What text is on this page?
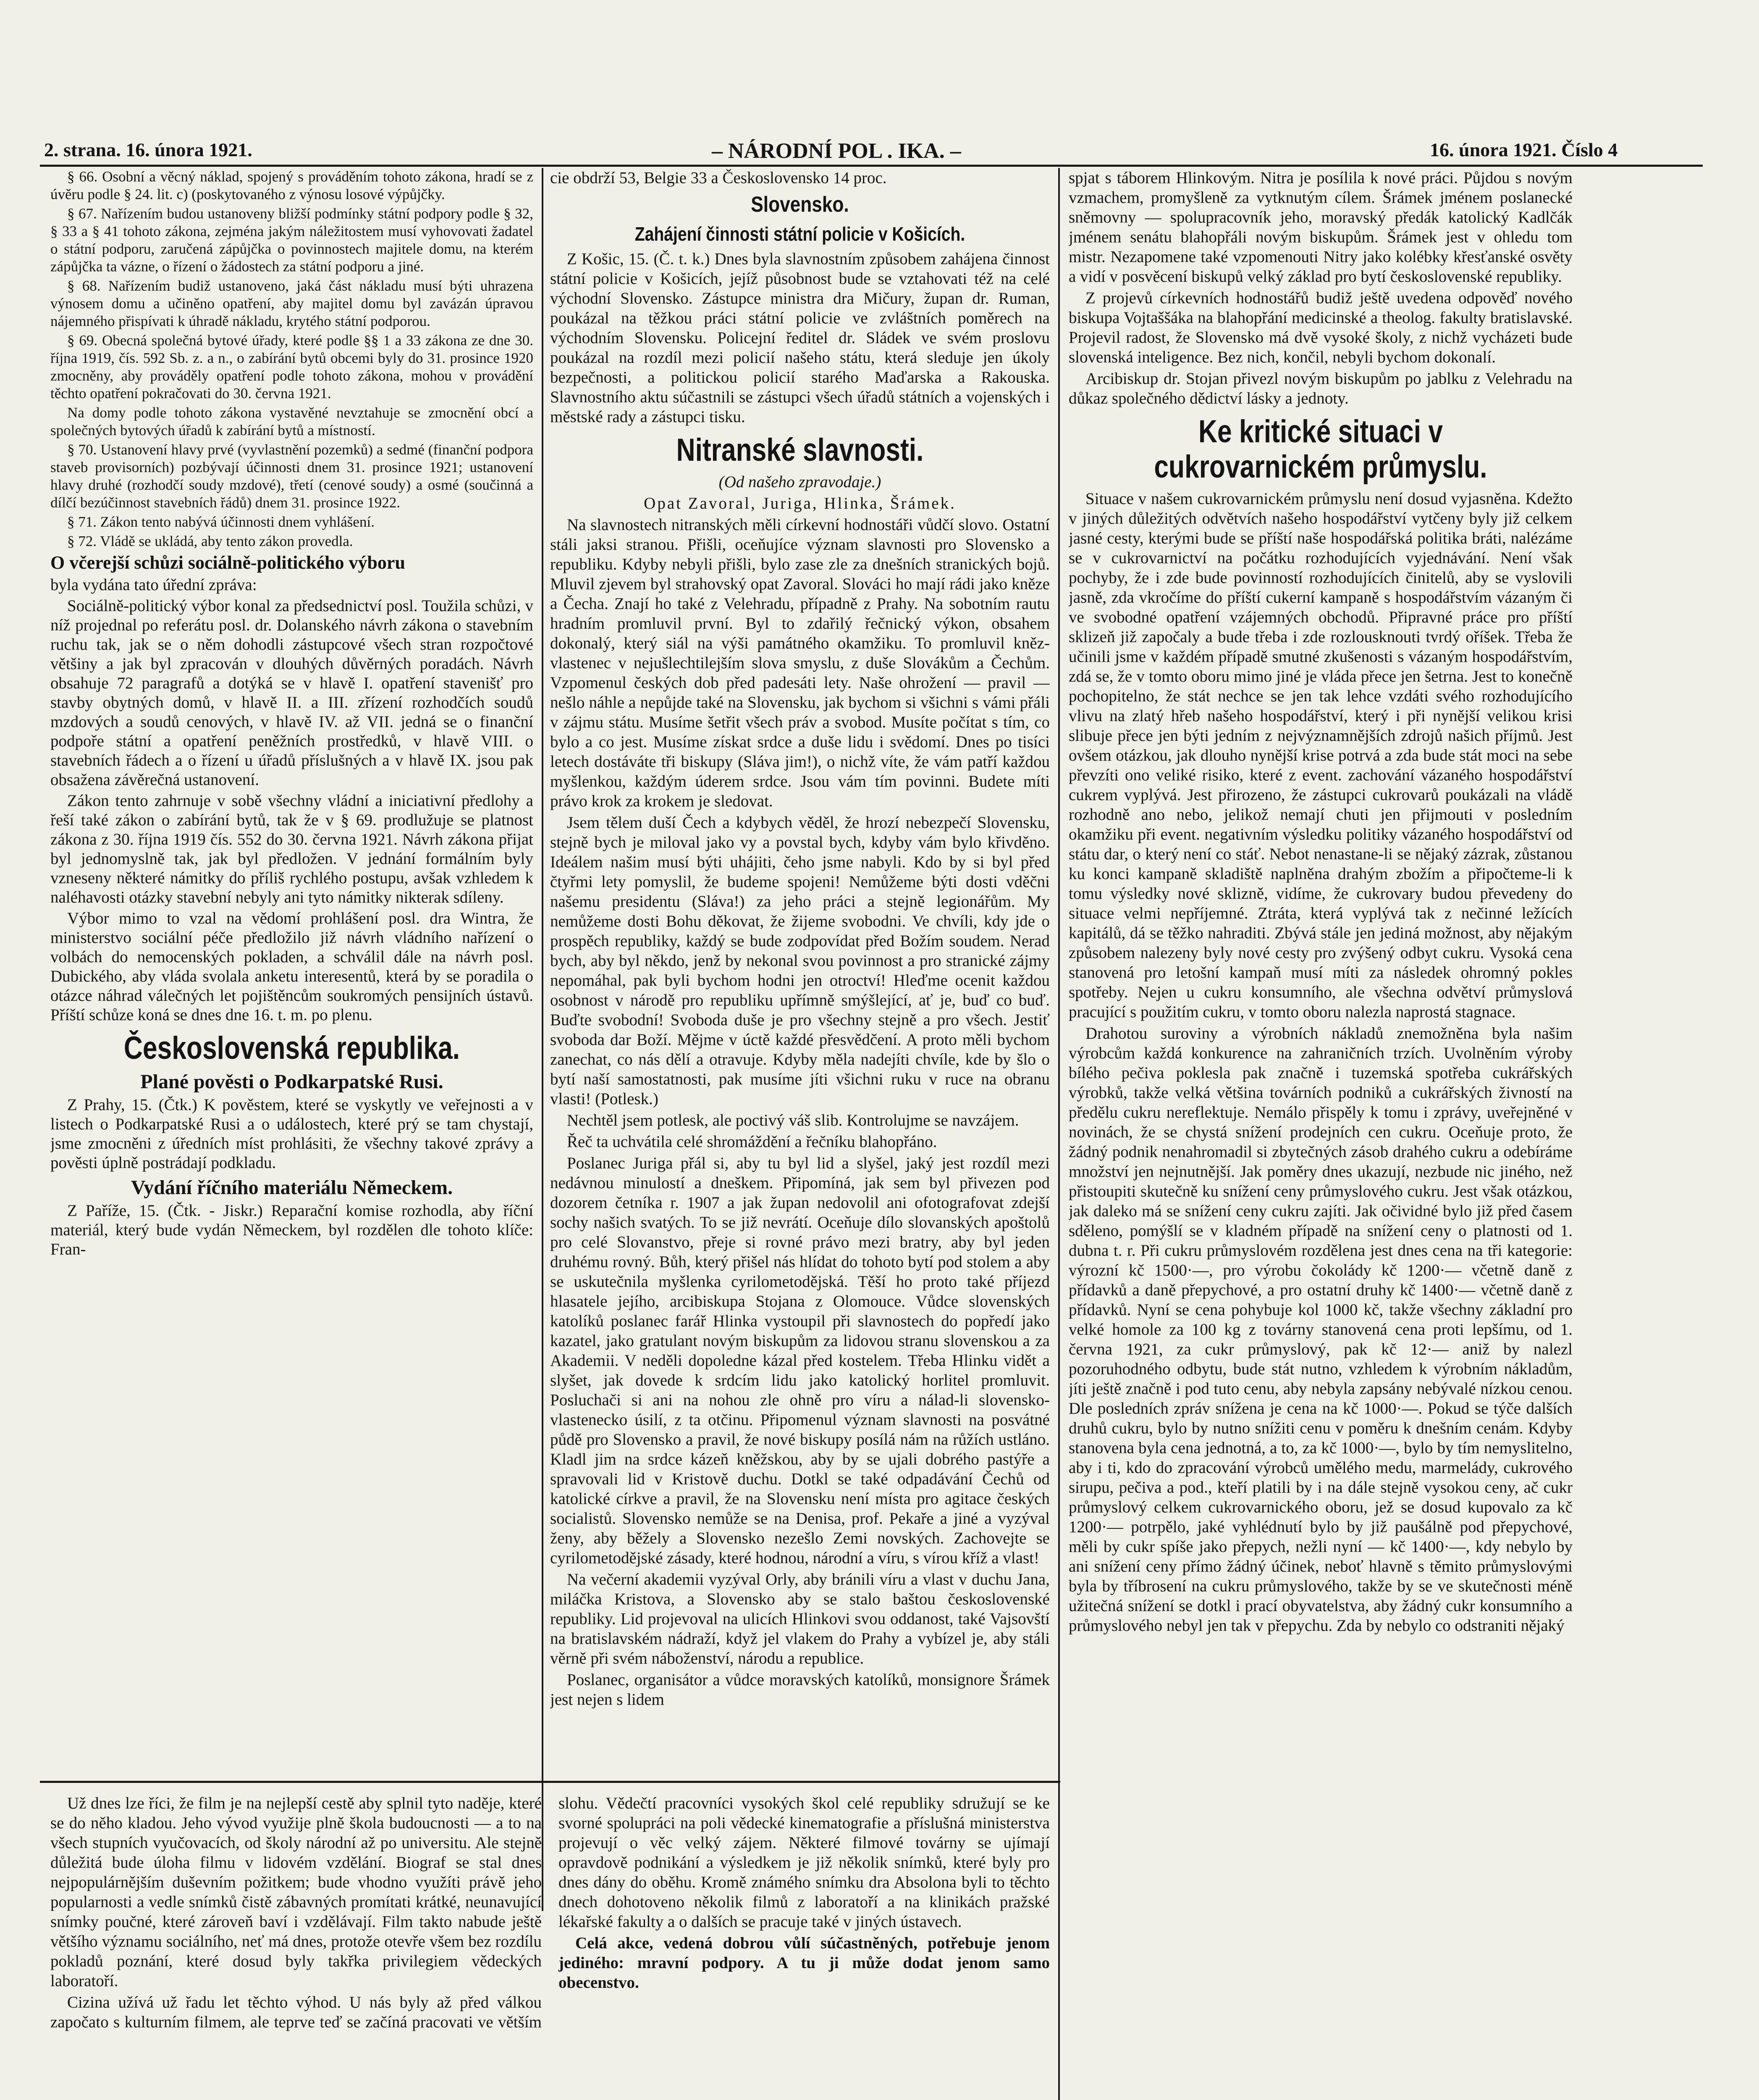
2. strana. 16. února 1921.	– NÁRODNÍ POL . IKA. –	16. února 1921. Číslo 4

§ 66. Osobní a věcný náklad, spojený s prováděním tohoto zákona, hradí se z úvěru podle § 24. lit. c) (poskytovaného z výnosu losové výpůjčky.

§ 67. Nařízením budou ustanoveny bližší podmínky státní podpory podle § 32, § 33 a § 41 tohoto zákona, zejména jakým náležitostem musí vyhovovati žadatel o státní podporu, zaručená zápůjčka o povinnostech majitele domu, na kterém zápůjčka ta vázne, o řízení o žádostech za státní podporu a jiné.

§ 68. Nařízením budiž ustanoveno, jaká část nákladu musí býti uhrazena výnosem domu a učiněno opatření, aby majitel domu byl zavázán úpravou nájemného přispívati k úhradě nákladu, krytého státní podporou.

§ 69. Obecná společná bytové úřady, které podle §§ 1 a 33 zákona ze dne 30. října 1919, čís. 592 Sb. z. a n., o zabírání bytů obcemi byly do 31. prosince 1920 zmocněny, aby prováděly opatření podle tohoto zákona, mohou v provádění těchto opatření pokračovati do 30. června 1921.

Na domy podle tohoto zákona vystavěné nevztahuje se zmocnění obcí a společných bytových úřadů k zabírání bytů a místností.

§ 70. Ustanovení hlavy prvé (vyvlastnění pozemků) a sedmé (finanční podpora staveb provisorních) pozbývají účinnosti dnem 31. prosince 1921; ustanovení hlavy druhé (rozhodčí soudy mzdové), třetí (cenové soudy) a osmé (součinná a dílčí bezúčinnost stavebních řádů) dnem 31. prosince 1922.

§ 71. Zákon tento nabývá účinnosti dnem vyhlášení.

§ 72. Vládě se ukládá, aby tento zákon provedla.

O včerejší schůzi sociálně-politického výboru

byla vydána tato úřední zpráva:

Sociálně-politický výbor konal za předsednictví posl. Toužila schůzi, v níž projednal po referátu posl. dr. Dolanského návrh zákona o stavebním ruchu tak, jak se o něm dohodli zástupcové všech stran rozpočtové většiny a jak byl zpracován v dlouhých důvěrných poradách. Návrh obsahuje 72 paragrafů a dotýká se v hlavě I. opatření stavenišť pro stavby obytných domů, v hlavě II. a III. zřízení rozhodčích soudů mzdových a soudů cenových, v hlavě IV. až VII. jedná se o finanční podpoře státní a opatření peněžních prostředků, v hlavě VIII. o stavebních řádech a o řízení u úřadů příslušných a v hlavě IX. jsou pak obsažena závěrečná ustanovení.

Zákon tento zahrnuje v sobě všechny vládní a iniciativní předlohy a řeší také zákon o zabírání bytů, tak že v § 69. prodlužuje se platnost zákona z 30. října 1919 čís. 552 do 30. června 1921. Návrh zákona přijat byl jednomyslně tak, jak byl předložen. V jednání formálním byly vzneseny některé námitky do příliš rychlého postupu, avšak vzhledem k naléhavosti otázky stavební nebyly ani tyto námitky nikterak sdíleny.

Výbor mimo to vzal na vědomí prohlášení posl. dra Wintra, že ministerstvo sociální péče předložilo již návrh vládního nařízení o volbách do nemocenských pokladen, a schválil dále na návrh posl. Dubického, aby vláda svolala anketu interesentů, která by se poradila o otázce náhrad válečných let pojištěncům soukromých pensijních ústavů. Příští schůze koná se dnes dne 16. t. m. po plenu.

Československá republika.
Plané pověsti o Podkarpatské Rusi.

Z Prahy, 15. (Čtk.) K pověstem, které se vyskytly ve veřejnosti a v listech o Podkarpatské Rusi a o událostech, které prý se tam chystají, jsme zmocněni z úředních míst prohlásiti, že všechny takové zprávy a pověsti úplně postrádají podkladu.

Vydání říčního materiálu Německem.

Z Paříže, 15. (Čtk. - Jiskr.) Reparační komise rozhodla, aby říční materiál, který bude vydán Německem, byl rozdělen dle tohoto klíče: Fran-

cie obdrží 53, Belgie 33 a Československo 14 proc.

Slovensko.
Zahájení činnosti státní policie v Košicích.

Z Košic, 15. (Č. t. k.) Dnes byla slavnostním způsobem zahájena činnost státní policie v Košicích, jejíž působnost bude se vztahovati též na celé východní Slovensko. Zástupce ministra dra Mičury, župan dr. Ruman, poukázal na těžkou práci státní policie ve zvláštních poměrech na východním Slovensku. Policejní ředitel dr. Sládek ve svém proslovu poukázal na rozdíl mezi policií našeho státu, která sleduje jen úkoly bezpečnosti, a politickou policií starého Maďarska a Rakouska. Slavnostního aktu súčastnili se zástupci všech úřadů státních a vojenských i městské rady a zástupci tisku.

Nitranské slavnosti.

(Od našeho zpravodaje.)

Opat Zavoral, Juriga, Hlinka, Šrámek.

Na slavnostech nitranských měli církevní hodnostáři vůdčí slovo. Ostatní stáli jaksi stranou. Přišli, oceňujíce význam slavnosti pro Slovensko a republiku. Kdyby nebyli přišli, bylo zase zle za dnešních stranických bojů. Mluvil zjevem byl strahovský opat Zavoral. Slováci ho mají rádi jako kněze a Čecha. Znají ho také z Velehradu, případně z Prahy. Na sobotním rautu hradním promluvil první. Byl to zdařilý řečnický výkon, obsahem dokonalý, který siál na výši památného okamžiku. To promluvil kněz-vlastenec v nejušlechtilejším slova smyslu, z duše Slovákům a Čechům. Vzpomenul českých dob před padesáti lety. Naše ohrožení — pravil — nešlo náhle a nepůjde také na Slovensku, jak bychom si všichni s vámi přáli v zájmu státu. Musíme šetřit všech práv a svobod. Musíte počítat s tím, co bylo a co jest. Musíme získat srdce a duše lidu i svědomí. Dnes po tisíci letech dostáváte tři biskupy (Sláva jim!), o nichž víte, že vám patří každou myšlenkou, každým úderem srdce. Jsou vám tím povinni. Budete míti právo krok za krokem je sledovat.

Jsem tělem duší Čech a kdybych věděl, že hrozí nebezpečí Slovensku, stejně bych je miloval jako vy a povstal bych, kdyby vám bylo křivděno. Ideálem našim musí býti uhájiti, čeho jsme nabyli. Kdo by si byl před čtyřmi lety pomyslil, že budeme spojeni! Nemůžeme býti dosti vděčni našemu presidentu (Sláva!) za jeho práci a stejně legionářům. My nemůžeme dosti Bohu děkovat, že žijeme svobodni. Ve chvíli, kdy jde o prospěch republiky, každý se bude zodpovídat před Božím soudem. Nerad bych, aby byl někdo, jenž by nekonal svou povinnost a pro stranické zájmy nepomáhal, pak byli bychom hodni jen otroctví! Hleďme ocenit každou osobnost v národě pro republiku upřímně smýšlející, ať je, buď co buď. Buďte svobodní! Svoboda duše je pro všechny stejně a pro všech. Jestiť svoboda dar Boží. Mějme v úctě každé přesvědčení. A proto měli bychom zanechat, co nás dělí a otravuje. Kdyby měla nadejíti chvíle, kde by šlo o bytí naší samostatnosti, pak musíme jíti všichni ruku v ruce na obranu vlasti! (Potlesk.)

Nechtěl jsem potlesk, ale poctivý váš slib. Kontrolujme se navzájem.

Řeč ta uchvátila celé shromáždění a řečníku blahopřáno.

Poslanec Juriga přál si, aby tu byl lid a slyšel, jaký jest rozdíl mezi nedávnou minulostí a dneškem. Připomíná, jak sem byl přivezen pod dozorem četníka r. 1907 a jak župan nedovolil ani ofotografovat zdejší sochy našich svatých. To se již nevrátí. Oceňuje dílo slovanských apoštolů pro celé Slovanstvo, přeje si rovné právo mezi bratry, aby byl jeden druhému rovný. Bůh, který přišel nás hlídat do tohoto bytí pod stolem a aby se uskutečnila myšlenka cyrilometodějská. Těší ho proto také příjezd hlasatele jejího, arcibiskupa Stojana z Olomouce. Vůdce slovenských katolíků poslanec farář Hlinka vystoupil při slavnostech do popředí jako kazatel, jako gratulant novým biskupům za lidovou stranu slovenskou a za Akademii. V neděli dopoledne kázal před kostelem. Třeba Hlinku vidět a slyšet, jak dovede k srdcím lidu jako katolický horlitel promluvit. Posluchači si ani na nohou zle ohně pro víru a nálad-li slovensko-vlastenecko úsilí, z ta otčinu. Připomenul význam slavnosti na posvátné půdě pro Slovensko a pravil, že nové biskupy posílá nám na růžích ustláno. Kladl jim na srdce kázeň kněžskou, aby by se ujali dobrého pastýře a spravovali lid v Kristově duchu. Dotkl se také odpadávání Čechů od katolické církve a pravil, že na Slovensku není místa pro agitace českých socialistů. Slovensko nemůže se na Denisa, prof. Pekaře a jiné a vyzýval ženy, aby běžely a Slovensko nezešlo Zemi novských. Zachovejte se cyrilometodějské zásady, které hodnou, národní a víru, s vírou kříž a vlast!

Na večerní akademii vyzýval Orly, aby bránili víru a vlast v duchu Jana, miláčka Kristova, a Slovensko aby se stalo baštou československé republiky. Lid projevoval na ulicích Hlinkovi svou oddanost, také Vajsovští na bratislavském nádraží, když jel vlakem do Prahy a vybízel je, aby stáli věrně při svém náboženství, národu a republice.

Poslanec, organisátor a vůdce moravských katolíků, monsignore Šrámek jest nejen s lidem

spjat s táborem Hlinkovým. Nitra je posílila k nové práci. Půjdou s novým vzmachem, promyšleně za vytknutým cílem. Šrámek jménem poslanecké sněmovny — spolupracovník jeho, moravský předák katolický Kadlčák jménem senátu blahopřáli novým biskupům. Šrámek jest v ohledu tom mistr. Nezapomene také vzpomenouti Nitry jako kolébky křesťanské osvěty a vidí v posvěcení biskupů velký základ pro bytí československé republiky.

Z projevů církevních hodnostářů budiž ještě uvedena odpověď nového biskupa Vojtaššáka na blahopřání medicinské a theolog. fakulty bratislavské. Projevil radost, že Slovensko má dvě vysoké školy, z nichž vycházeti bude slovenská inteligence. Bez nich, končil, nebyli bychom dokonalí.

Arcibiskup dr. Stojan přivezl novým biskupům po jablku z Velehradu na důkaz společného dědictví lásky a jednoty.

Ke kritické situaci v cukrovarnickém průmyslu.

Situace v našem cukrovarnickém průmyslu není dosud vyjasněna. Kdežto v jiných důležitých odvětvích našeho hospodářství vytčeny byly již celkem jasné cesty, kterými bude se příští naše hospodářská politika bráti, nalézáme se v cukrovarnictví na počátku rozhodujících vyjednávání. Není však pochyby, že i zde bude povinností rozhodujících činitelů, aby se vyslovili jasně, zda vkročíme do příští cukerní kampaně s hospodářstvím vázaným či ve svobodné opatření vzájemných obchodů. Připravné práce pro příští sklizeň již započaly a bude třeba i zde rozlousknouti tvrdý oříšek. Třeba že učinili jsme v každém případě smutné zkušenosti s vázaným hospodářstvím, zdá se, že v tomto oboru mimo jiné je vláda přece jen šetrna. Jest to konečně pochopitelno, že stát nechce se jen tak lehce vzdáti svého rozhodujícího vlivu na zlatý hřeb našeho hospodářství, který i při nynější velikou krisi slibuje přece jen býti jedním z nejvýznamnějších zdrojů našich příjmů. Jest ovšem otázkou, jak dlouho nynější krise potrvá a zda bude stát moci na sebe převzíti ono veliké risiko, které z event. zachování vázaného hospodářství cukrem vyplývá. Jest přirozeno, že zástupci cukrovarů poukázali na vládě rozhodně ano nebo, jelikož nemají chuti jen přijmouti v posledním okamžiku při event. negativním výsledku politiky vázaného hospodářství od státu dar, o který není co stáť. Nebot nenastane-li se nějaký zázrak, zůstanou ku konci kampaně skladiště naplněna drahým zbožím a připočteme-li k tomu výsledky nové sklizně, vidíme, že cukrovary budou převedeny do situace velmi nepříjemné. Ztráta, která vyplývá tak z nečinné ležících kapitálů, dá se těžko nahraditi. Zbývá stále jen jediná možnost, aby nějakým způsobem nalezeny byly nové cesty pro zvýšený odbyt cukru. Vysoká cena stanovená pro letošní kampaň musí míti za následek ohromný pokles spotřeby. Nejen u cukru konsumního, ale všechna odvětví průmyslová pracující s použitím cukru, v tomto oboru nalezla naprostá stagnace.

Drahotou suroviny a výrobních nákladů znemožněna byla našim výrobcům každá konkurence na zahraničních trzích. Uvolněním výroby bílého pečiva poklesla pak značně i tuzemská spotřeba cukrářských výrobků, takže velká většina továrních podniků a cukrářských živností na předělu cukru nereflektuje. Nemálo přispěly k tomu i zprávy, uveřejněné v novinách, že se chystá snížení prodejních cen cukru. Oceňuje proto, že žádný podnik nenahromadil si zbytečných zásob drahého cukru a odebíráme množství jen nejnutnější. Jak poměry dnes ukazují, nezbude nic jiného, než přistoupiti skutečně ku snížení ceny průmyslového cukru. Jest však otázkou, jak daleko má se snížení ceny cukru zajíti. Jak očividné bylo již před časem sděleno, pomýšlí se v kladném případě na snížení ceny o platnosti od 1. dubna t. r. Při cukru průmyslovém rozdělena jest dnes cena na tři kategorie: výrozní kč 1500·—, pro výrobu čokolády kč 1200·— včetně daně z přídavků a daně přepychové, a pro ostatní druhy kč 1400·— včetně daně z přídavků. Nyní se cena pohybuje kol 1000 kč, takže všechny základní pro velké homole za 100 kg z továrny stanovená cena proti lepšímu, od 1. června 1921, za cukr průmyslový, pak kč 12·— aniž by nalezl pozoruhodného odbytu, bude stát nutno, vzhledem k výrobním nákladům, jíti ještě značně i pod tuto cenu, aby nebyla zapsány nebývalé nízkou cenou. Dle posledních zpráv snížena je cena na kč 1000·—. Pokud se týče dalších druhů cukru, bylo by nutno snížiti cenu v poměru k dnešním cenám. Kdyby stanovena byla cena jednotná, a to, za kč 1000·—, bylo by tím nemyslitelno, aby i ti, kdo do zpracování výrobců umělého medu, marmelády, cukrového sirupu, pečiva a pod., kteří platili by i na dále stejně vysokou ceny, ač cukr průmyslový celkem cukrovarnického oboru, jež se dosud kupovalo za kč 1200·— potrpělo, jaké vyhlédnutí bylo by již paušálně pod přepychové, měli by cukr spíše jako přepych, nežli nyní — kč 1400·—, kdy nebylo by ani snížení ceny přímo žádný účinek, neboť hlavně s těmito průmyslovými byla by tříbrosení na cukru průmyslového, takže by se ve skutečnosti méně užitečná snížení se dotkl i prací obyvatelstva, aby žádný cukr konsumního a průmyslového nebyl jen tak v přepychu. Zda by nebylo co odstraniti nějaký

Už dnes lze říci, že film je na nejlepší cestě aby splnil tyto naděje, které se do něho kladou. Jeho vývod využije plně škola budoucnosti — a to na všech stupních vyučovacích, od školy národní až po universitu. Ale stejně důležitá bude úloha filmu v lidovém vzdělání. Biograf se stal dnes nejpopulárnějším duševním požitkem; bude vhodno využíti právě jeho popularnosti a vedle snímků čistě zábavných promítati krátké, neunavující snímky poučné, které zároveň baví i vzdělávají. Film takto nabude ještě většího významu sociálního, neť má dnes, protože otevře všem bez rozdílu pokladů poznání, které dosud byly takřka privilegiem vědeckých laboratoří.

Cizina užívá už řadu let těchto výhod. U nás byly až před válkou započato s kulturním filmem, ale teprve teď se začíná pracovati ve větším slohu. Vědečtí pracovníci vysokých škol celé republiky sdružují se ke svorné spolupráci na poli vědecké kinematografie a příslušná ministerstva projevují o věc velký zájem. Některé filmové továrny se ujímají opravdově podnikání a výsledkem je již několik snímků, které byly pro dnes dány do oběhu. Kromě známého snímku dra Absolona byli to těchto dnech dohotoveno několik filmů z laboratoří a na klinikách pražské lékařské fakulty a o dalších se pracuje také v jiných ústavech.

Celá akce, vedená dobrou vůlí súčastněných, potřebuje jenom jediného: mravní podpory. A tu ji může dodat jenom samo obecenstvo.
